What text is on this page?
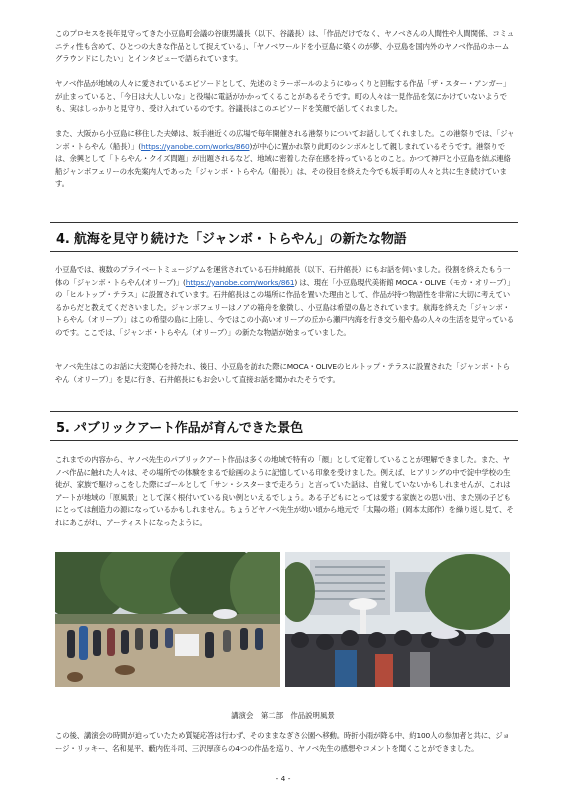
このプロセスを長年見守ってきた小豆島町会議の谷康男議長（以下、谷議長）は、「作品だけでなく、ヤノベさんの人間性や人間関係、コミュニティ性も含めて、ひとつの大きな作品として捉えている」、「ヤノベワールドを小豆島に築くのが夢、小豆島を国内外のヤノベ作品のホームグラウンドにしたい」とインタビューで語られています。

ヤノベ作品が地域の人々に愛されているエピソードとして、先述のミラーボールのようにゆっくりと回転する作品「ザ・スター・アンガー」が止まっていると、「今日は大人しいな」と役場に電話がかかってくることがあるそうです。町の人々は一見作品を気にかけていないようでも、実はしっかりと見守り、受け入れているのです。谷議長はこのエピソードを笑顔で話してくれました。

また、大阪から小豆島に移住した夫婦は、坂手港近くの広場で毎年開催される港祭りについてお話ししてくれました。この港祭りでは、「ジャンボ・トらやん（船長）」(https://yanobe.com/works/860)が中心に置かれ祭り此町のシンボルとして親しまれているそうです。港祭りでは、余興として「トらやん・クイズ問題」が出題されるなど、地域に密着した存在感を持っているとのこと。かつて神戸と小豆島を結ぶ連絡船ジャンボフェリーの水先案内人であった「ジャンボ・トらやん（船長）」は、その役目を終えた今でも坂手町の人々と共に生き続けています。

4. 航海を見守り続けた「ジャンボ・トらやん」の新たな物語

小豆島では、複数のプライベートミュージアムを運営されている石井純館長（以下、石井館長）にもお話を伺いました。役割を終えたもう一体の「ジャンボ・トらやん(オリーブ)」(https://yanobe.com/works/861) は、現在「小豆島現代美術館 MOCA・OLIVE（モカ・オリーブ）」の「ヒルトップ・テラス」に設置されています。石井館長はこの場所に作品を置いた理由として、作品が持つ物語性を非常に大切に考えているからだと教えてくださいました。ジャンボフェリーはノアの箱舟を象徴し、小豆島は希望の島とされています。航海を終えた「ジャンボ・トらやん（オリーブ）」はこの希望の島に上陸し、今ではこの小高いオリーブの丘から瀬戸内海を行き交う船や島の人々の生活を見守っているのです。ここでは、「ジャンボ・トらやん（オリーブ）」の新たな物語が始まっていました。

ヤノベ先生はこのお話に大変関心を持たれ、後日、小豆島を訪れた際にMOCA・OLIVEのヒルトップ・テラスに設置された「ジャンボ・トらやん（オリーブ）」を見に行き、石井館長にもお会いして直接お話を聞かれたそうです。

5. パブリックアート作品が育んできた景色

これまでの内容から、ヤノベ先生のパブリックアート作品は多くの地域で特有の「顔」として定着していることが理解できました。また、ヤノベ作品に触れた人々は、その場所での体験をまるで絵画のように記憶している印象を受けました。例えば、ヒアリングの中で淀中学校の生徒が、家族で駆けっこをした際にゴールとして「サン・シスターまで走ろう」と言っていた話は、自覚していないかもしれませんが、これはアートが地域の「原風景」として深く根付いている良い例といえるでしょう。ある子どもにとっては愛する家族との思い出、また別の子どもにとっては創造力の源になっているかもしれません。ちょうどヤノベ先生が幼い頃から地元で「太陽の塔」(岡本太郎作）を繰り返し見て、それにあこがれ、アーティストになったように。

講演会　第二部　作品説明風景

この後、講演会の時間が迫っていたため質疑応答は行わず、そのままなぎさ公園へ移動。時折小雨が降る中、約100人の参加者と共に、ジョージ・リッキー、名和晃平、藪内佐斗司、三沢厚彦らの4つの作品を巡り、ヤノベ先生の感想やコメントを聞くことができました。

- 4 -
